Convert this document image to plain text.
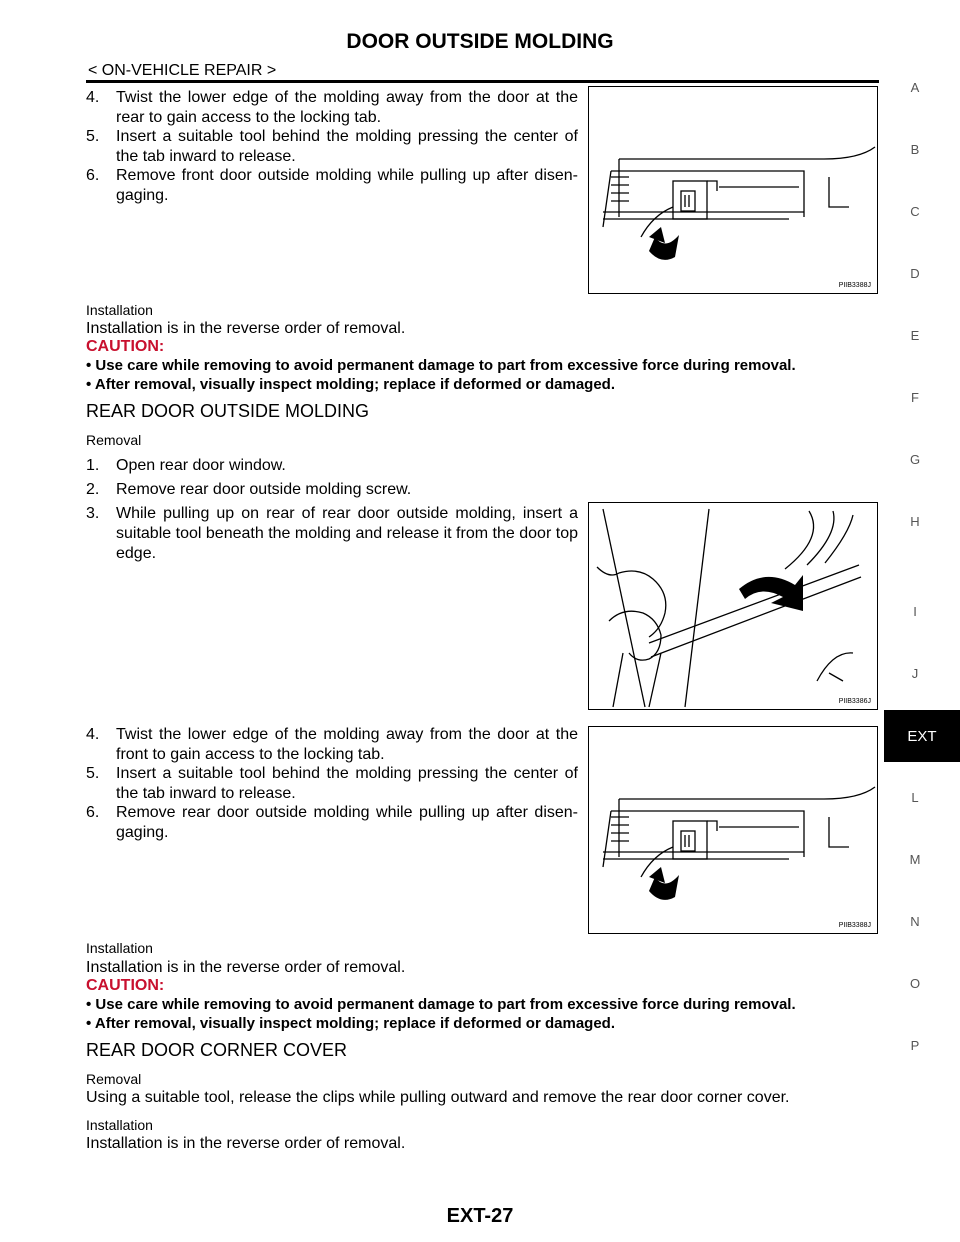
DOOR OUTSIDE MOLDING
< ON-VEHICLE REPAIR >
A
B
C
D
E
F
G
H
I
J
EXT
L
M
N
O
P
4. Twist the lower edge of the molding away from the door at the rear to gain access to the locking tab.
5. Insert a suitable tool behind the molding pressing the center of the tab inward to release.
6. Remove front door outside molding while pulling up after disen-gaging.
PIIB3388J
Installation
Installation is in the reverse order of removal.
CAUTION:
• Use care while removing to avoid permanent damage to part from excessive force during removal.
• After removal, visually inspect molding; replace if deformed or damaged.
REAR DOOR OUTSIDE MOLDING
Removal
1. Open rear door window.
2. Remove rear door outside molding screw.
3. While pulling up on rear of rear door outside molding, insert a suitable tool beneath the molding and release it from the door top edge.
PIIB3386J
4. Twist the lower edge of the molding away from the door at the front to gain access to the locking tab.
5. Insert a suitable tool behind the molding pressing the center of the tab inward to release.
6. Remove rear door outside molding while pulling up after disen-gaging.
PIIB3388J
Installation
Installation is in the reverse order of removal.
CAUTION:
• Use care while removing to avoid permanent damage to part from excessive force during removal.
• After removal, visually inspect molding; replace if deformed or damaged.
REAR DOOR CORNER COVER
Removal
Using a suitable tool, release the clips while pulling outward and remove the rear door corner cover.
Installation
Installation is in the reverse order of removal.
EXT-27
